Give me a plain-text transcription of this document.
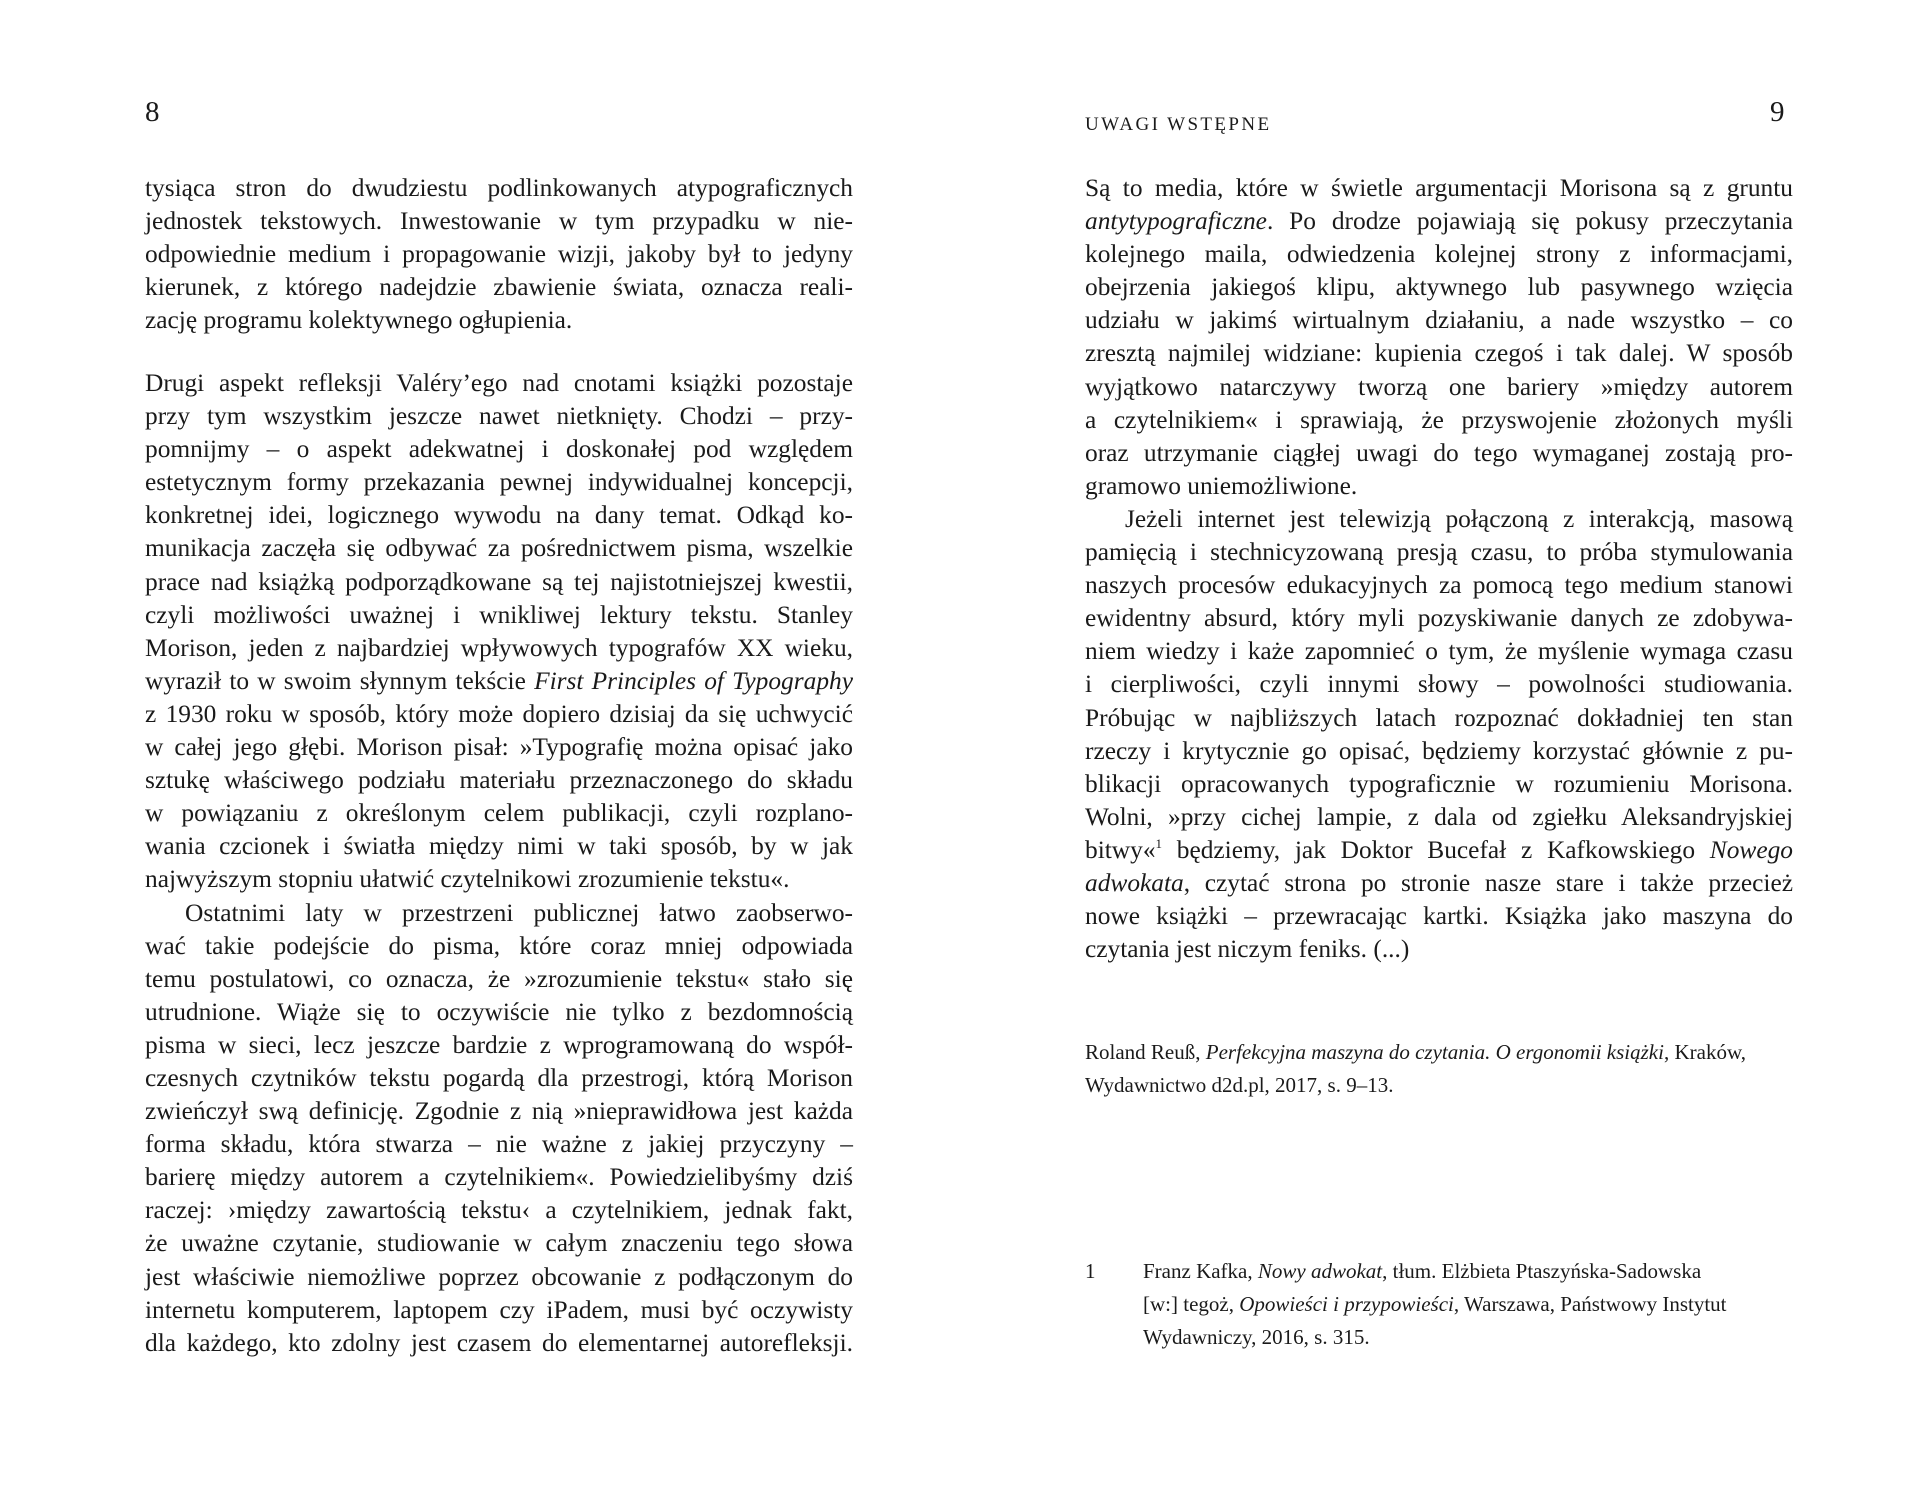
8
tysiąca stron do dwudziestu podlinkowanych atypograficznych
jednostek tekstowych. Inwestowanie w tym przypadku w nie-
odpowiednie medium i propagowanie wizji, jakoby był to jedyny
kierunek, z którego nadejdzie zbawienie świata, oznacza reali-
zację programu kolektywnego ogłupienia.
Drugi aspekt refleksji Valéry’ego nad cnotami książki pozostaje
przy tym wszystkim jeszcze nawet nietknięty. Chodzi – przy-
pomnijmy – o aspekt adekwatnej i doskonałej pod względem
estetycznym formy przekazania pewnej indywidualnej koncepcji,
konkretnej idei, logicznego wywodu na dany temat. Odkąd ko-
munikacja zaczęła się odbywać za pośrednictwem pisma, wszelkie
prace nad książką podporządkowane są tej najistotniejszej kwestii,
czyli możliwości uważnej i wnikliwej lektury tekstu. Stanley
Morison, jeden z najbardziej wpływowych typografów XX wieku,
wyraził to w swoim słynnym tekście First Principles of Typography
z 1930 roku w sposób, który może dopiero dzisiaj da się uchwycić
w całej jego głębi. Morison pisał: »Typografię można opisać jako
sztukę właściwego podziału materiału przeznaczonego do składu
w powiązaniu z określonym celem publikacji, czyli rozplano-
wania czcionek i światła między nimi w taki sposób, by w jak
najwyższym stopniu ułatwić czytelnikowi zrozumienie tekstu«.
Ostatnimi laty w przestrzeni publicznej łatwo zaobserwo-
wać takie podejście do pisma, które coraz mniej odpowiada
temu postulatowi, co oznacza, że »zrozumienie tekstu« stało się
utrudnione. Wiąże się to oczywiście nie tylko z bezdomnością
pisma w sieci, lecz jeszcze bardzie z wprogramowaną do współ-
czesnych czytników tekstu pogardą dla przestrogi, którą Morison
zwieńczył swą definicję. Zgodnie z nią »nieprawidłowa jest każda
forma składu, która stwarza – nie ważne z jakiej przyczyny –
barierę między autorem a czytelnikiem«. Powiedzielibyśmy dziś
raczej: ›między zawartością tekstu‹ a czytelnikiem, jednak fakt,
że uważne czytanie, studiowanie w całym znaczeniu tego słowa
jest właściwie niemożliwe poprzez obcowanie z podłączonym do
internetu komputerem, laptopem czy iPadem, musi być oczywisty
dla każdego, kto zdolny jest czasem do elementarnej autorefleksji.
UWAGI WSTĘPNE	9
Są to media, które w świetle argumentacji Morisona są z gruntu
antytypograficzne. Po drodze pojawiają się pokusy przeczytania
kolejnego maila, odwiedzenia kolejnej strony z informacjami,
obejrzenia jakiegoś klipu, aktywnego lub pasywnego wzięcia
udziału w jakimś wirtualnym działaniu, a nade wszystko – co
zresztą najmilej widziane: kupienia czegoś i tak dalej. W sposób
wyjątkowo natarczywy tworzą one bariery »między autorem
a czytelnikiem« i sprawiają, że przyswojenie złożonych myśli
oraz utrzymanie ciągłej uwagi do tego wymaganej zostają pro-
gramowo uniemożliwione.
Jeżeli internet jest telewizją połączoną z interakcją, masową
pamięcią i stechnicyzowaną presją czasu, to próba stymulowania
naszych procesów edukacyjnych za pomocą tego medium stanowi
ewidentny absurd, który myli pozyskiwanie danych ze zdobywa-
niem wiedzy i każe zapomnieć o tym, że myślenie wymaga czasu
i cierpliwości, czyli innymi słowy – powolności studiowania.
Próbując w najbliższych latach rozpoznać dokładniej ten stan
rzeczy i krytycznie go opisać, będziemy korzystać głównie z pu-
blikacji opracowanych typograficznie w rozumieniu Morisona.
Wolni, »przy cichej lampie, z dala od zgiełku Aleksandryjskiej
bitwy«$^1$ będziemy, jak Doktor Bucefał z Kafkowskiego Nowego
adwokata, czytać strona po stronie nasze stare i także przecież
nowe książki – przewracając kartki. Książka jako maszyna do
czytania jest niczym feniks. (...)
Roland Reuß, Perfekcyjna maszyna do czytania. O ergonomii książki, Kraków,
Wydawnictwo d2d.pl, 2017, s. 9–13.
1 Franz Kafka, Nowy adwokat, tłum. Elżbieta Ptaszyńska-Sadowska
[w:] tegoż, Opowieści i przypowieści, Warszawa, Państwowy Instytut
Wydawniczy, 2016, s. 315.
